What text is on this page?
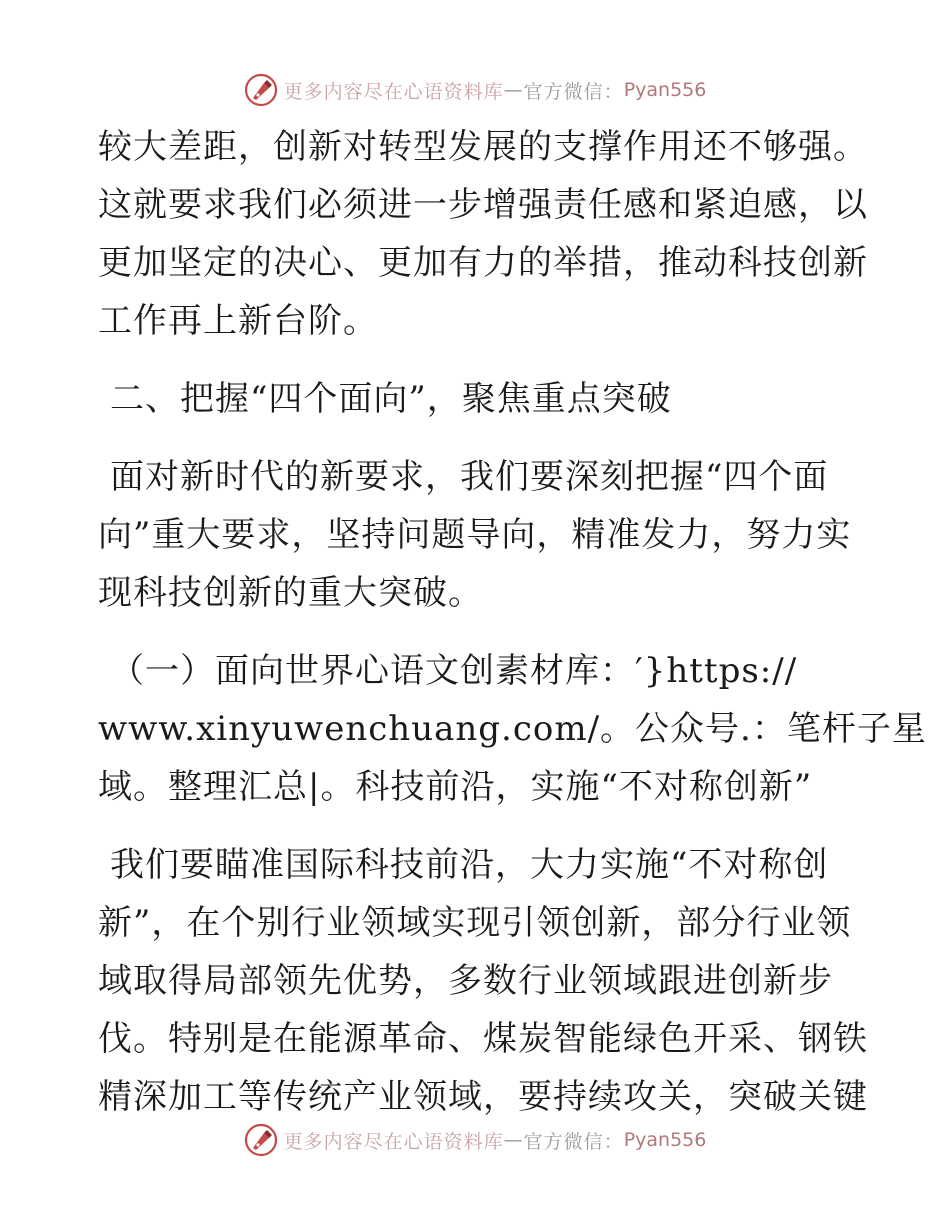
更多内容尽在心语资料库 — 官方微信： Pyan556
较大差距，创新对转型发展的支撑作用还不够强。
这就要求我们必须进一步增强责任感和紧迫感，以
更加坚定的决心、更加有力的举措，推动科技创新
工作再上新台阶。
二、把握“四个面向”，聚焦重点突破
面对新时代的新要求，我们要深刻把握“四个面
向”重大要求，坚持问题导向，精准发力，努力实
现科技创新的重大突破。
（一）面向世界心语文创素材库：′}https://
www.xinyuwenchuang.com/。公众号.：笔杆子星
域。整理汇总|。科技前沿，实施“不对称创新”
我们要瞄准国际科技前沿，大力实施“不对称创
新”，在个别行业领域实现引领创新，部分行业领
域取得局部领先优势，多数行业领域跟进创新步
伐。特别是在能源革命、煤炭智能绿色开采、钢铁
精深加工等传统产业领域，要持续攻关，突破关键
更多内容尽在心语资料库 — 官方微信： Pyan556
